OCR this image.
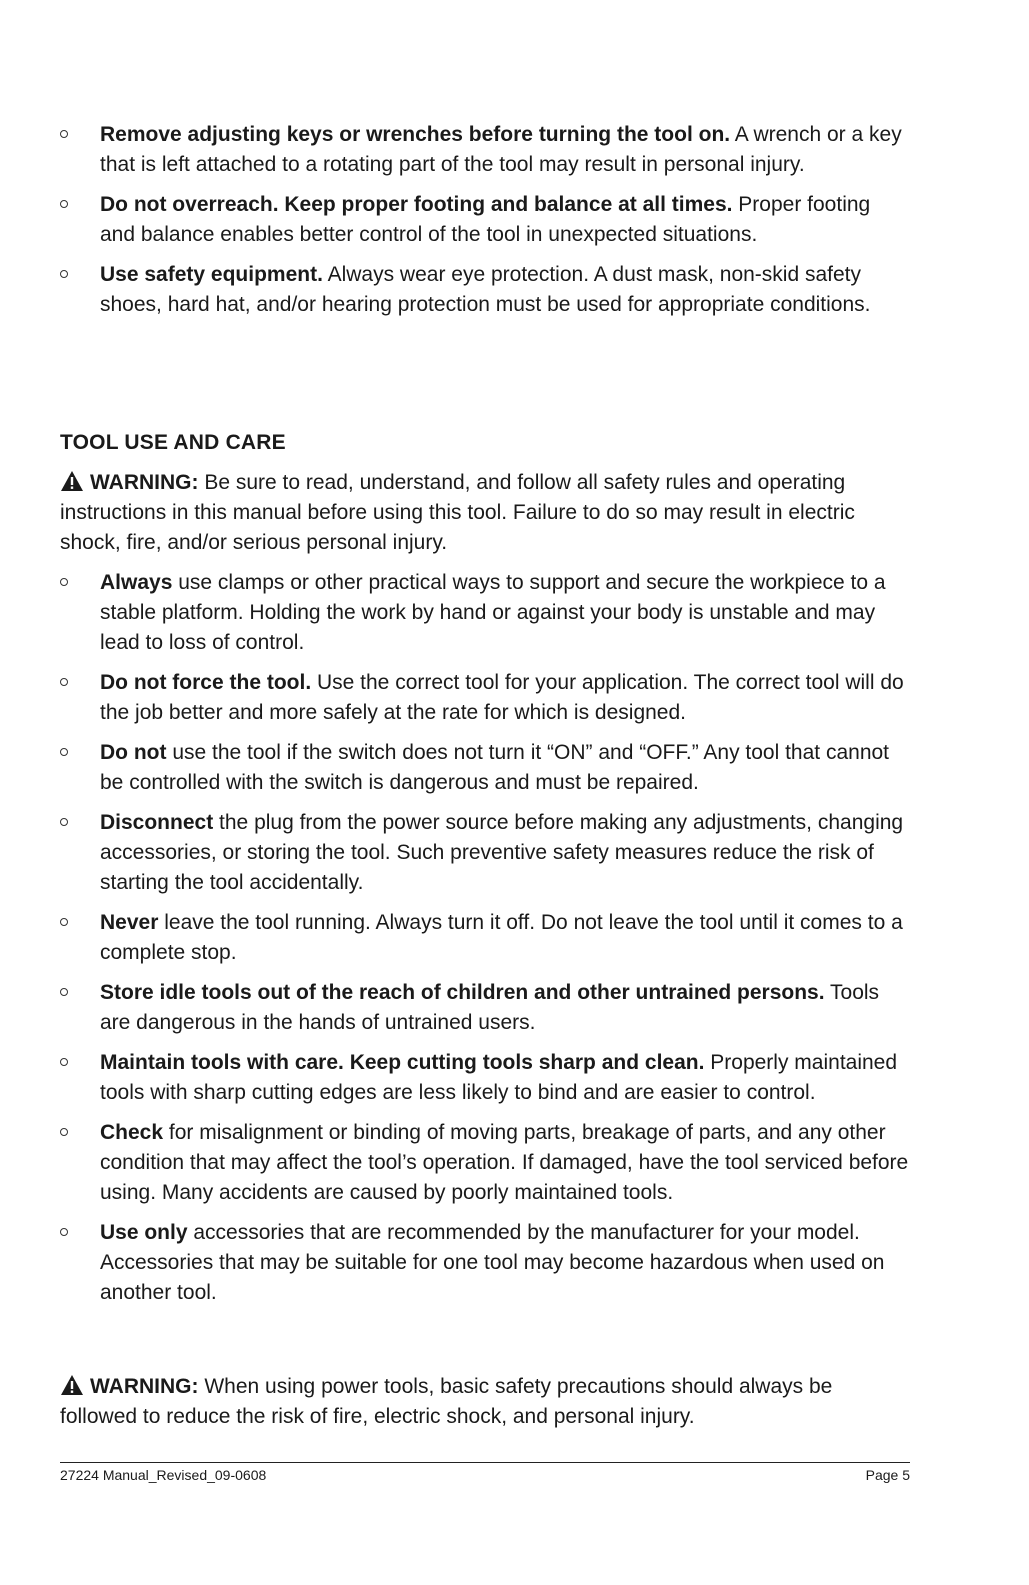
Remove adjusting keys or wrenches before turning the tool on. A wrench or a key that is left attached to a rotating part of the tool may result in personal injury.
Do not overreach. Keep proper footing and balance at all times. Proper footing and balance enables better control of the tool in unexpected situations.
Use safety equipment. Always wear eye protection. A dust mask, non-skid safety shoes, hard hat, and/or hearing protection must be used for appropriate conditions.
TOOL USE AND CARE
WARNING: Be sure to read, understand, and follow all safety rules and operating instructions in this manual before using this tool. Failure to do so may result in electric shock, fire, and/or serious personal injury.
Always use clamps or other practical ways to support and secure the workpiece to a stable platform. Holding the work by hand or against your body is unstable and may lead to loss of control.
Do not force the tool. Use the correct tool for your application. The correct tool will do the job better and more safely at the rate for which is designed.
Do not use the tool if the switch does not turn it “ON” and “OFF.” Any tool that cannot be controlled with the switch is dangerous and must be repaired.
Disconnect the plug from the power source before making any adjustments, changing accessories, or storing the tool. Such preventive safety measures reduce the risk of starting the tool accidentally.
Never leave the tool running. Always turn it off. Do not leave the tool until it comes to a complete stop.
Store idle tools out of the reach of children and other untrained persons. Tools are dangerous in the hands of untrained users.
Maintain tools with care. Keep cutting tools sharp and clean. Properly maintained tools with sharp cutting edges are less likely to bind and are easier to control.
Check for misalignment or binding of moving parts, breakage of parts, and any other condition that may affect the tool’s operation. If damaged, have the tool serviced before using. Many accidents are caused by poorly maintained tools.
Use only accessories that are recommended by the manufacturer for your model. Accessories that may be suitable for one tool may become hazardous when used on another tool.
WARNING: When using power tools, basic safety precautions should always be followed to reduce the risk of fire, electric shock, and personal injury.
27224 Manual_Revised_09-0608	Page 5
